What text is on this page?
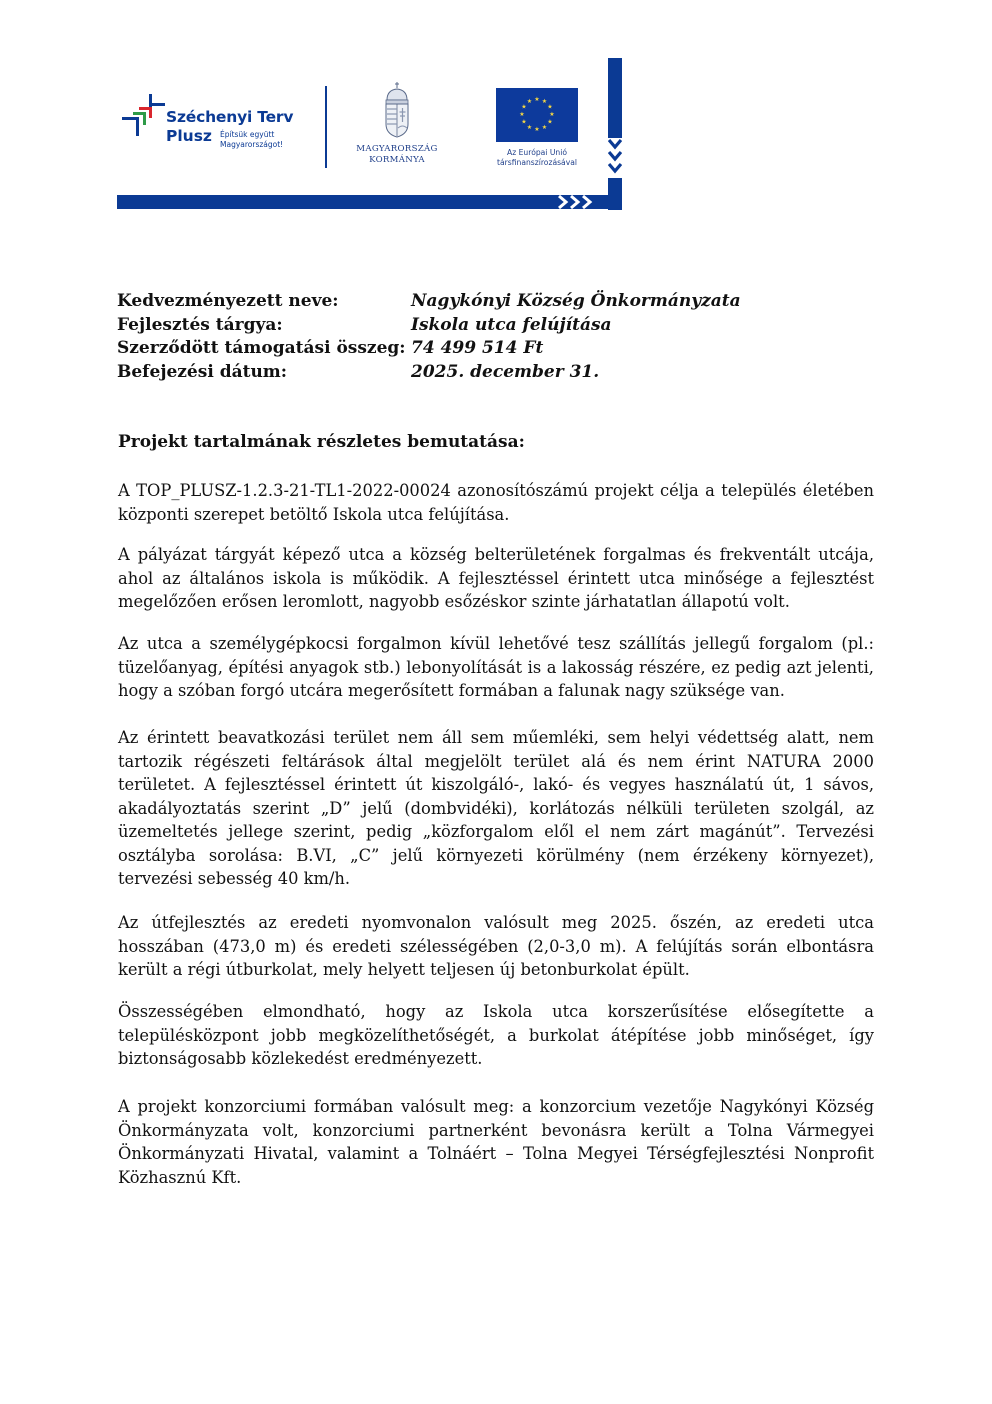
Széchenyi Terv
Plusz Építsük együtt
Magyarországot!	MAGYARORSZÁG
KORMÁNYA
★ ★
★
★
★
★
★
★
★
★
★
★
Az Európai Unió
társfinanszírozásával
Kedvezményezett neve:	Nagykónyi Község Önkormányzata
Fejlesztés tárgya:	Iskola utca felújítása
Szerződött támogatási összeg: 74 499 514 Ft
Befejezési dátum:	2025. december 31.
Projekt tartalmának részletes bemutatása:

A TOP_PLUSZ-1.2.3-21-TL1-2022-00024 azonosítószámú projekt célja a település életében központi szerepet betöltő Iskola utca felújítása.

A pályázat tárgyát képező utca a község belterületének forgalmas és frekventált utcája, ahol az általános iskola is működik. A fejlesztéssel érintett utca minősége a fejlesztést megelőzően erősen leromlott, nagyobb esőzéskor szinte járhatatlan állapotú volt.

Az utca a személygépkocsi forgalmon kívül lehetővé tesz szállítás jellegű forgalom (pl.: tüzelőanyag, építési anyagok stb.) lebonyolítását is a lakosság részére, ez pedig azt jelenti, hogy a szóban forgó utcára megerősített formában a falunak nagy szüksége van.

Az érintett beavatkozási terület nem áll sem műemléki, sem helyi védettség alatt, nem tartozik régészeti feltárások által megjelölt terület alá és nem érint NATURA 2000 területet. A fejlesztéssel érintett út kiszolgáló-, lakó- és vegyes használatú út, 1 sávos, akadályoztatás szerint „D” jelű (dombvidéki), korlátozás nélküli területen szolgál, az üzemeltetés jellege szerint, pedig „közforgalom elől el nem zárt magánút”. Tervezési osztályba sorolása: B.VI, „C” jelű környezeti körülmény (nem érzékeny környezet), tervezési sebesség 40 km/h.

Az útfejlesztés az eredeti nyomvonalon valósult meg 2025. őszén, az eredeti utca hosszában (473,0 m) és eredeti szélességében (2,0-3,0 m). A felújítás során elbontásra került a régi útburkolat, mely helyett teljesen új betonburkolat épült.

Összességében elmondható, hogy az Iskola utca korszerűsítése elősegítette a településközpont jobb megközelíthetőségét, a burkolat átépítése jobb minőséget, így biztonságosabb közlekedést eredményezett.

A projekt konzorciumi formában valósult meg: a konzorcium vezetője Nagykónyi Község Önkormányzata volt, konzorciumi partnerként bevonásra került a Tolna Vármegyei Önkormányzati Hivatal, valamint a Tolnáért – Tolna Megyei Térségfejlesztési Nonprofit Közhasznú Kft.
